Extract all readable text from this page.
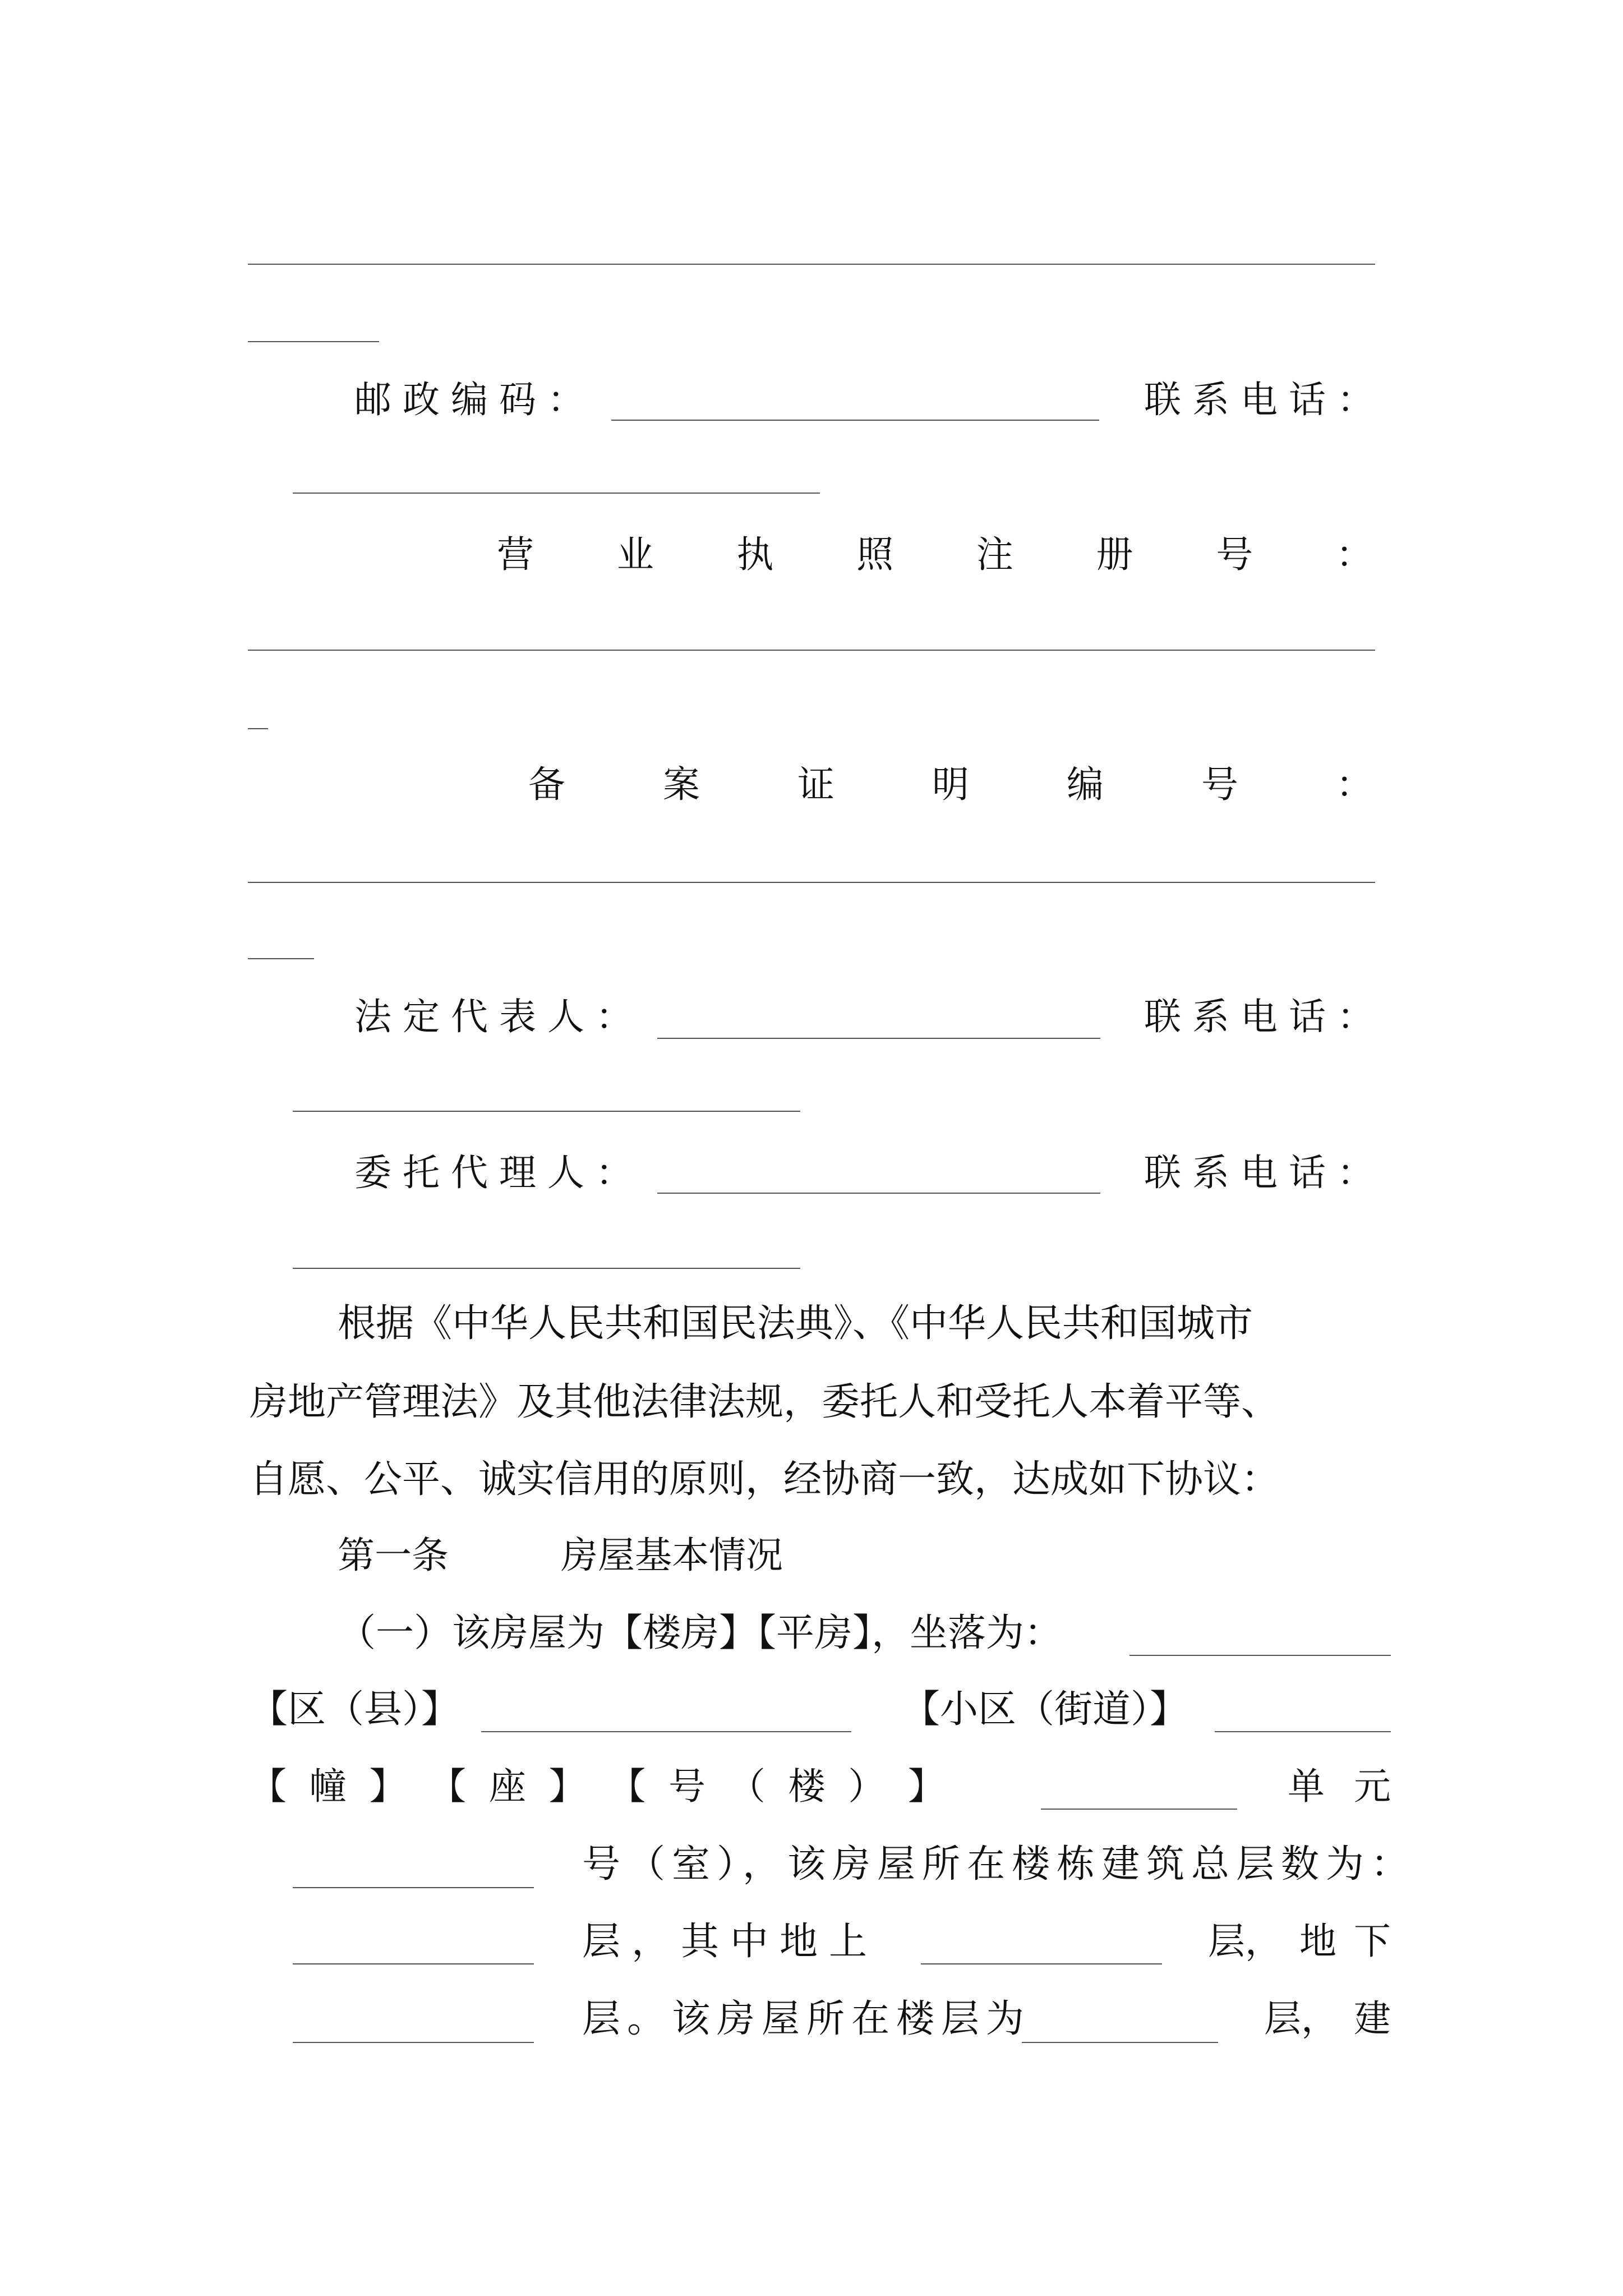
邮政编码：	联系电话：
营 业 执 照 注 册 号 ：
备	案	证	明	编	号	：
法定代表人：	联系电话：
委托代理人：	联系电话：
根据《中华人民共和国民法典》、《中华人民共和国城市
房地产管理法》及其他法律法规，委托人和受托人本着平等、
自愿、公平、诚实信用的原则，经协商一致，达成如下协议：
第一条	房屋基本情况
（一）该房屋为【楼房】【平房】，坐落为：
【区（县）】	【小区（街道）】
【 幢 】 【 座 】 【 号 （ 楼 ） 】	单 元
号（室），该房屋所在楼栋建筑总层数为：
层，其中地上	层， 地 下
层。该房屋所在楼层为	层， 建
